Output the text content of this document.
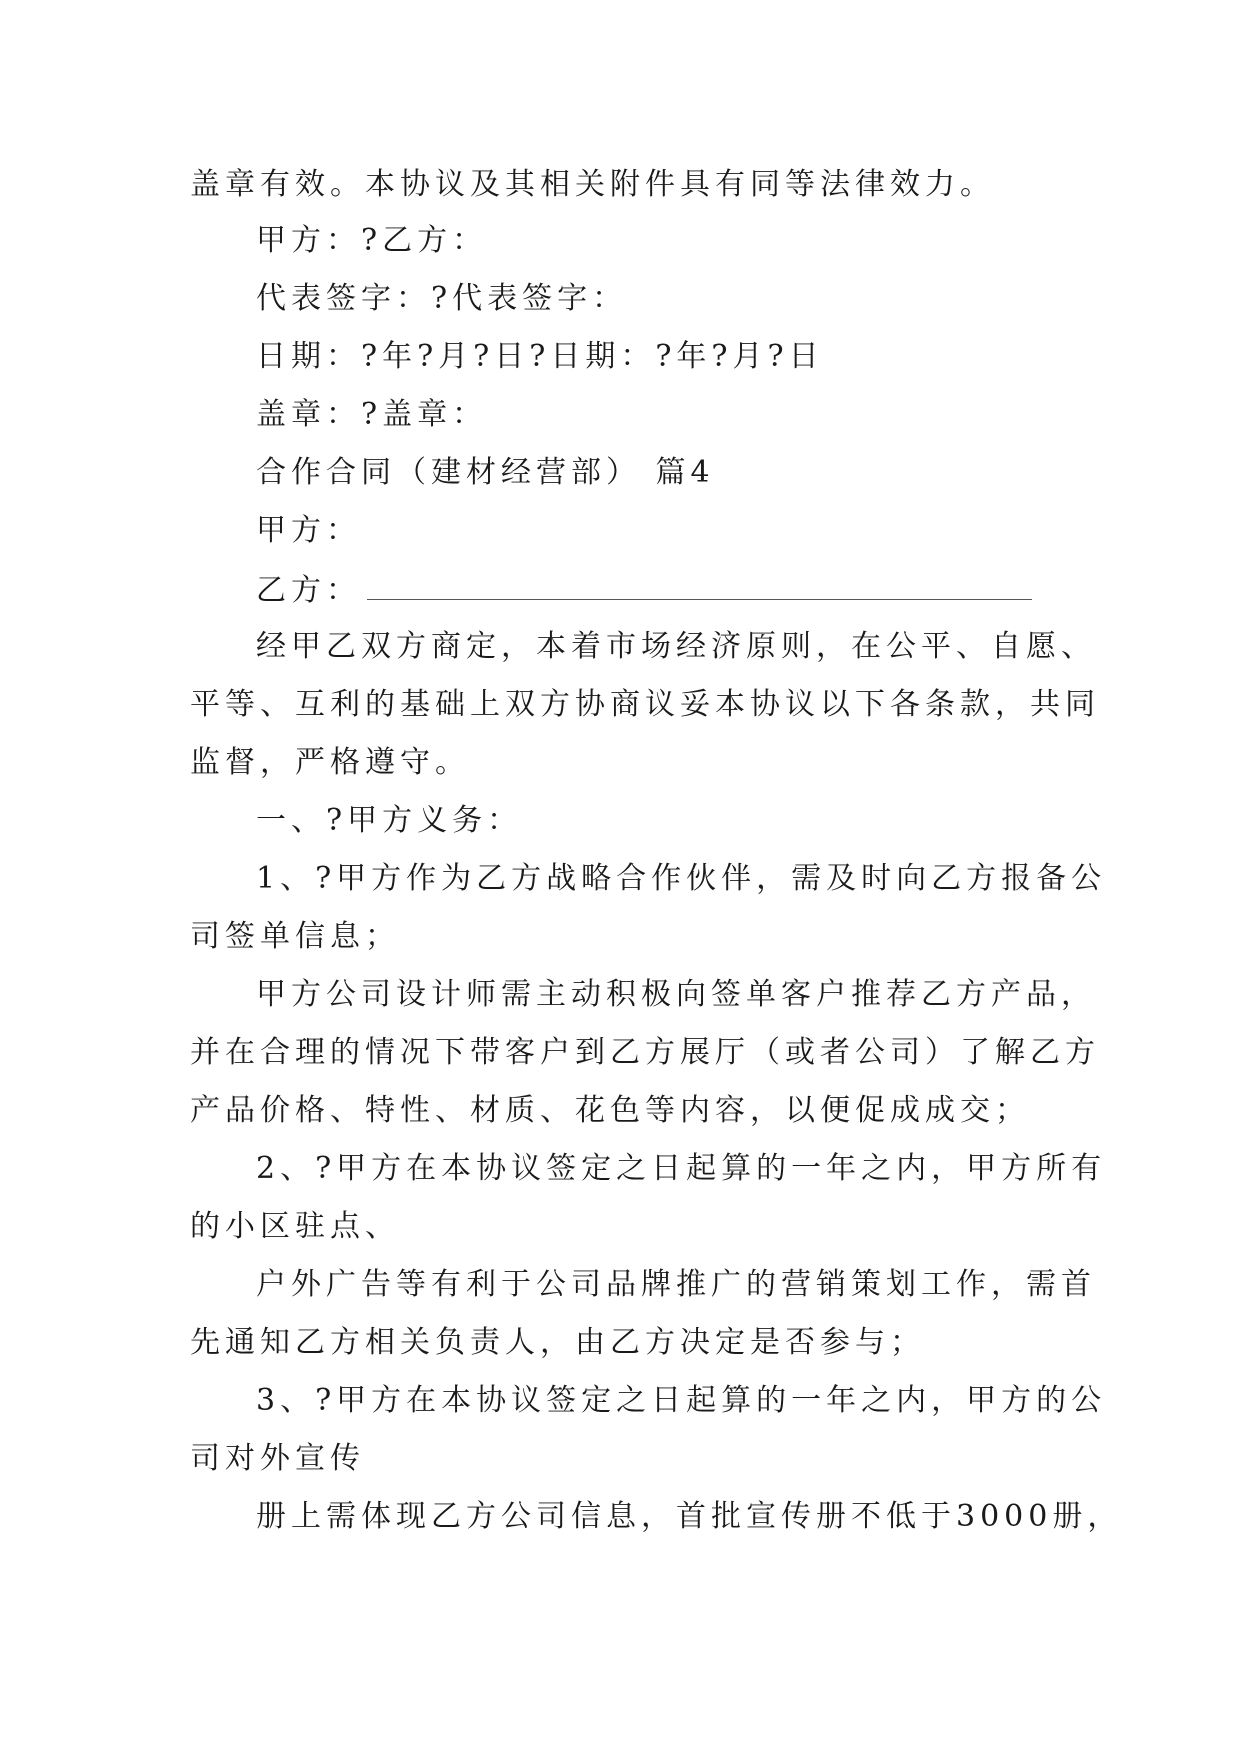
盖章有效。本协议及其相关附件具有同等法律效力。
甲方：?乙方：
代表签字：?代表签字：
日期：?年?月?日?日期：?年?月?日
盖章：?盖章：
合作合同（建材经营部） 篇4
甲方：
乙方：
经甲乙双方商定，本着市场经济原则，在公平、自愿、
平等、互利的基础上双方协商议妥本协议以下各条款，共同
监督，严格遵守。
一、?甲方义务：
1、?甲方作为乙方战略合作伙伴，需及时向乙方报备公
司签单信息；
甲方公司设计师需主动积极向签单客户推荐乙方产品，
并在合理的情况下带客户到乙方展厅（或者公司）了解乙方
产品价格、特性、材质、花色等内容，以便促成成交；
2、?甲方在本协议签定之日起算的一年之内，甲方所有
的小区驻点、
户外广告等有利于公司品牌推广的营销策划工作，需首
先通知乙方相关负责人，由乙方决定是否参与；
3、?甲方在本协议签定之日起算的一年之内，甲方的公
司对外宣传
册上需体现乙方公司信息，首批宣传册不低于3000册，
